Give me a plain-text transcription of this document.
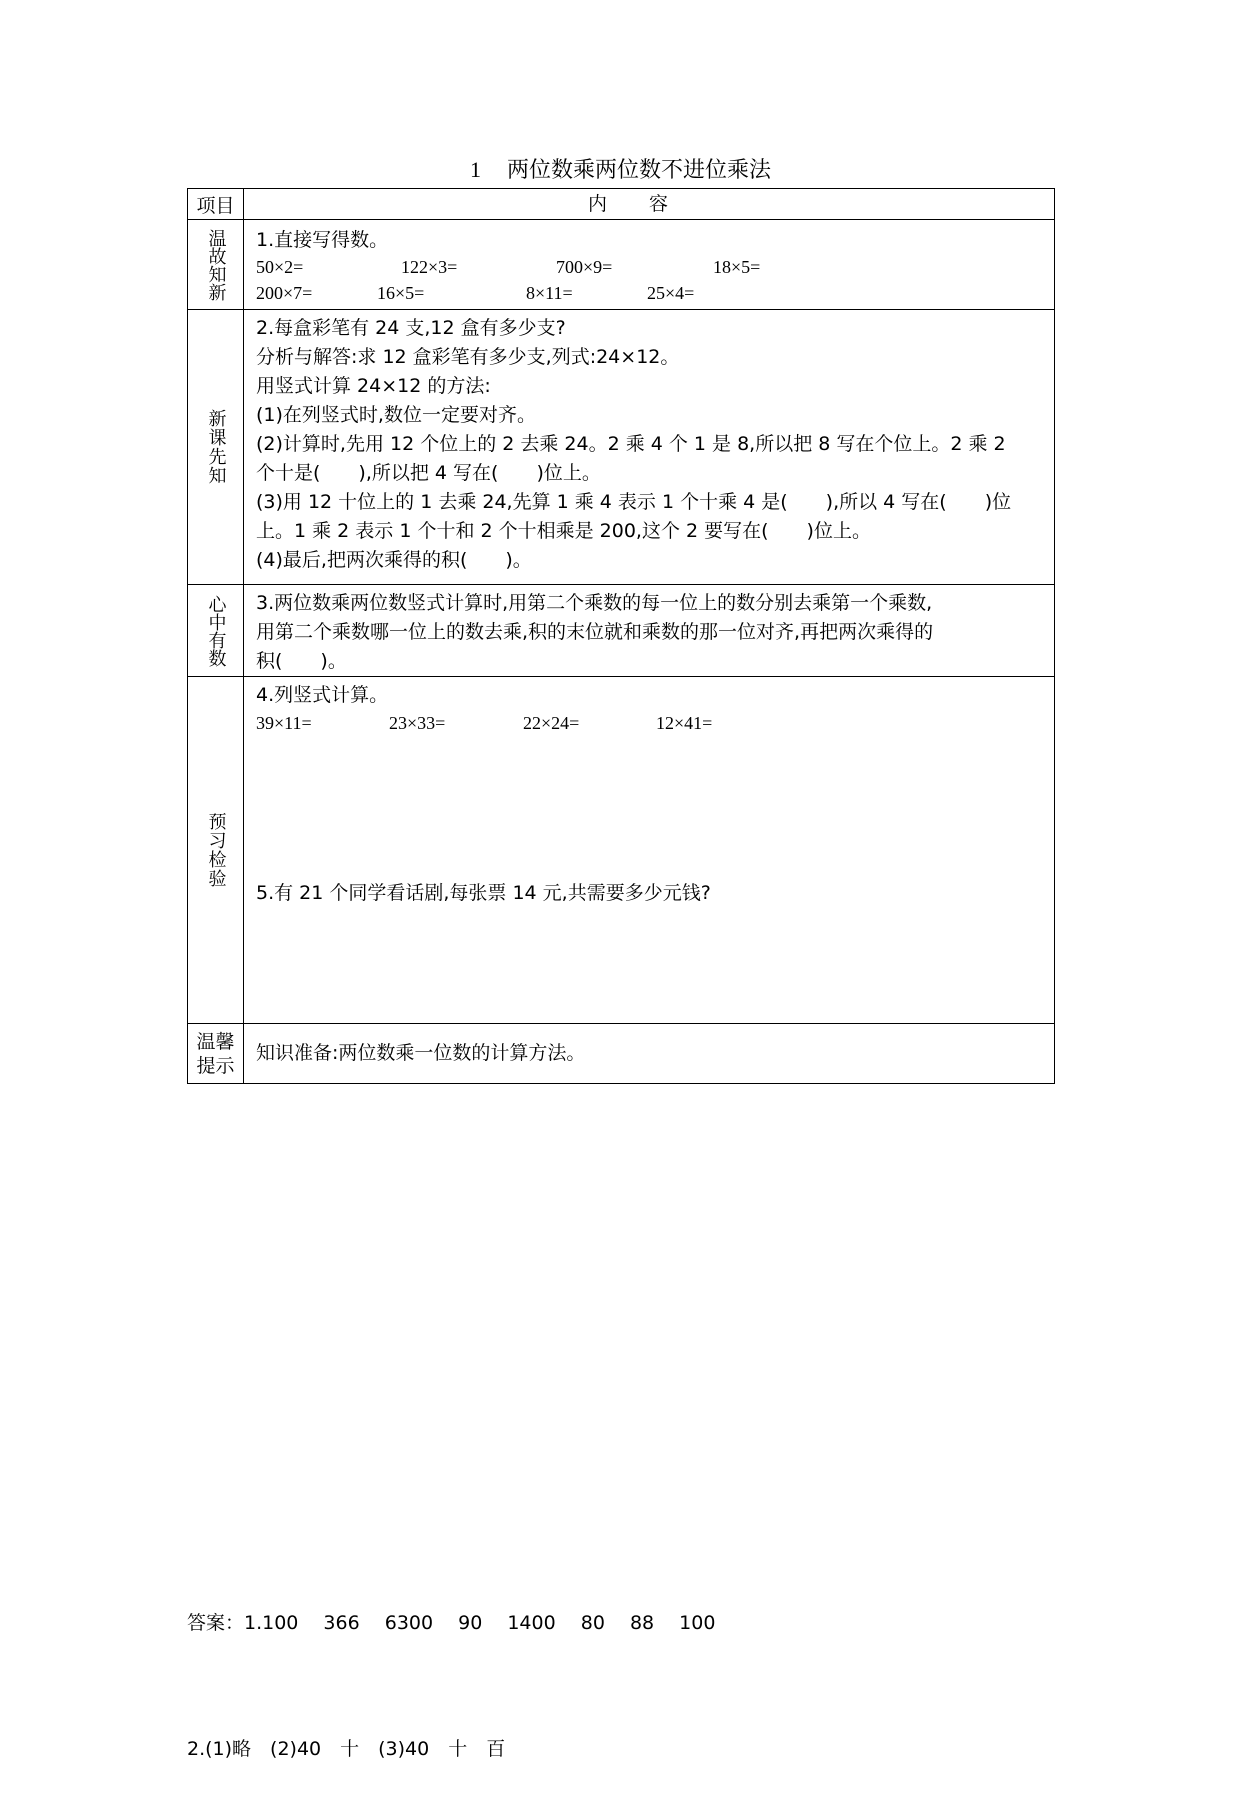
1 两位数乘两位数不进位乘法
项目	内容
温故知新 1.直接写得数。
50×2=	122×3=	700×9=	18×5=
200×7=	16×5=	8×11=	25×4=
新课先知
2.每盒彩笔有 24 支,12 盒有多少支?
分析与解答:求 12 盒彩笔有多少支,列式:24×12。
用竖式计算 24×12 的方法:
(1)在列竖式时,数位一定要对齐。
(2)计算时,先用 12 个位上的 2 去乘 24。2 乘 4 个 1 是 8,所以把 8 写在个位上。2 乘 2
个十是(　　),所以把 4 写在(　　)位上。
(3)用 12 十位上的 1 去乘 24,先算 1 乘 4 表示 1 个十乘 4 是(　　),所以 4 写在(　　)位
上。1 乘 2 表示 1 个十和 2 个十相乘是 200,这个 2 要写在(　　)位上。
(4)最后,把两次乘得的积(　　)。
心中有数 3.两位数乘两位数竖式计算时,用第二个乘数的每一位上的数分别去乘第一个乘数,
用第二个乘数哪一位上的数去乘,积的末位就和乘数的那一位对齐,再把两次乘得的
积(　　)。
预习检验
4.列竖式计算。
39×11=	23×33=	22×24=	12×41=
5.有 21 个同学看话剧,每张票 14 元,共需要多少元钱?
温馨
提示
知识准备:两位数乘一位数的计算方法。

答案：1.100　 366　 6300　 90　 1400　 80　 88　 100

2.(1)略　(2)40　十　(3)40　十　百
